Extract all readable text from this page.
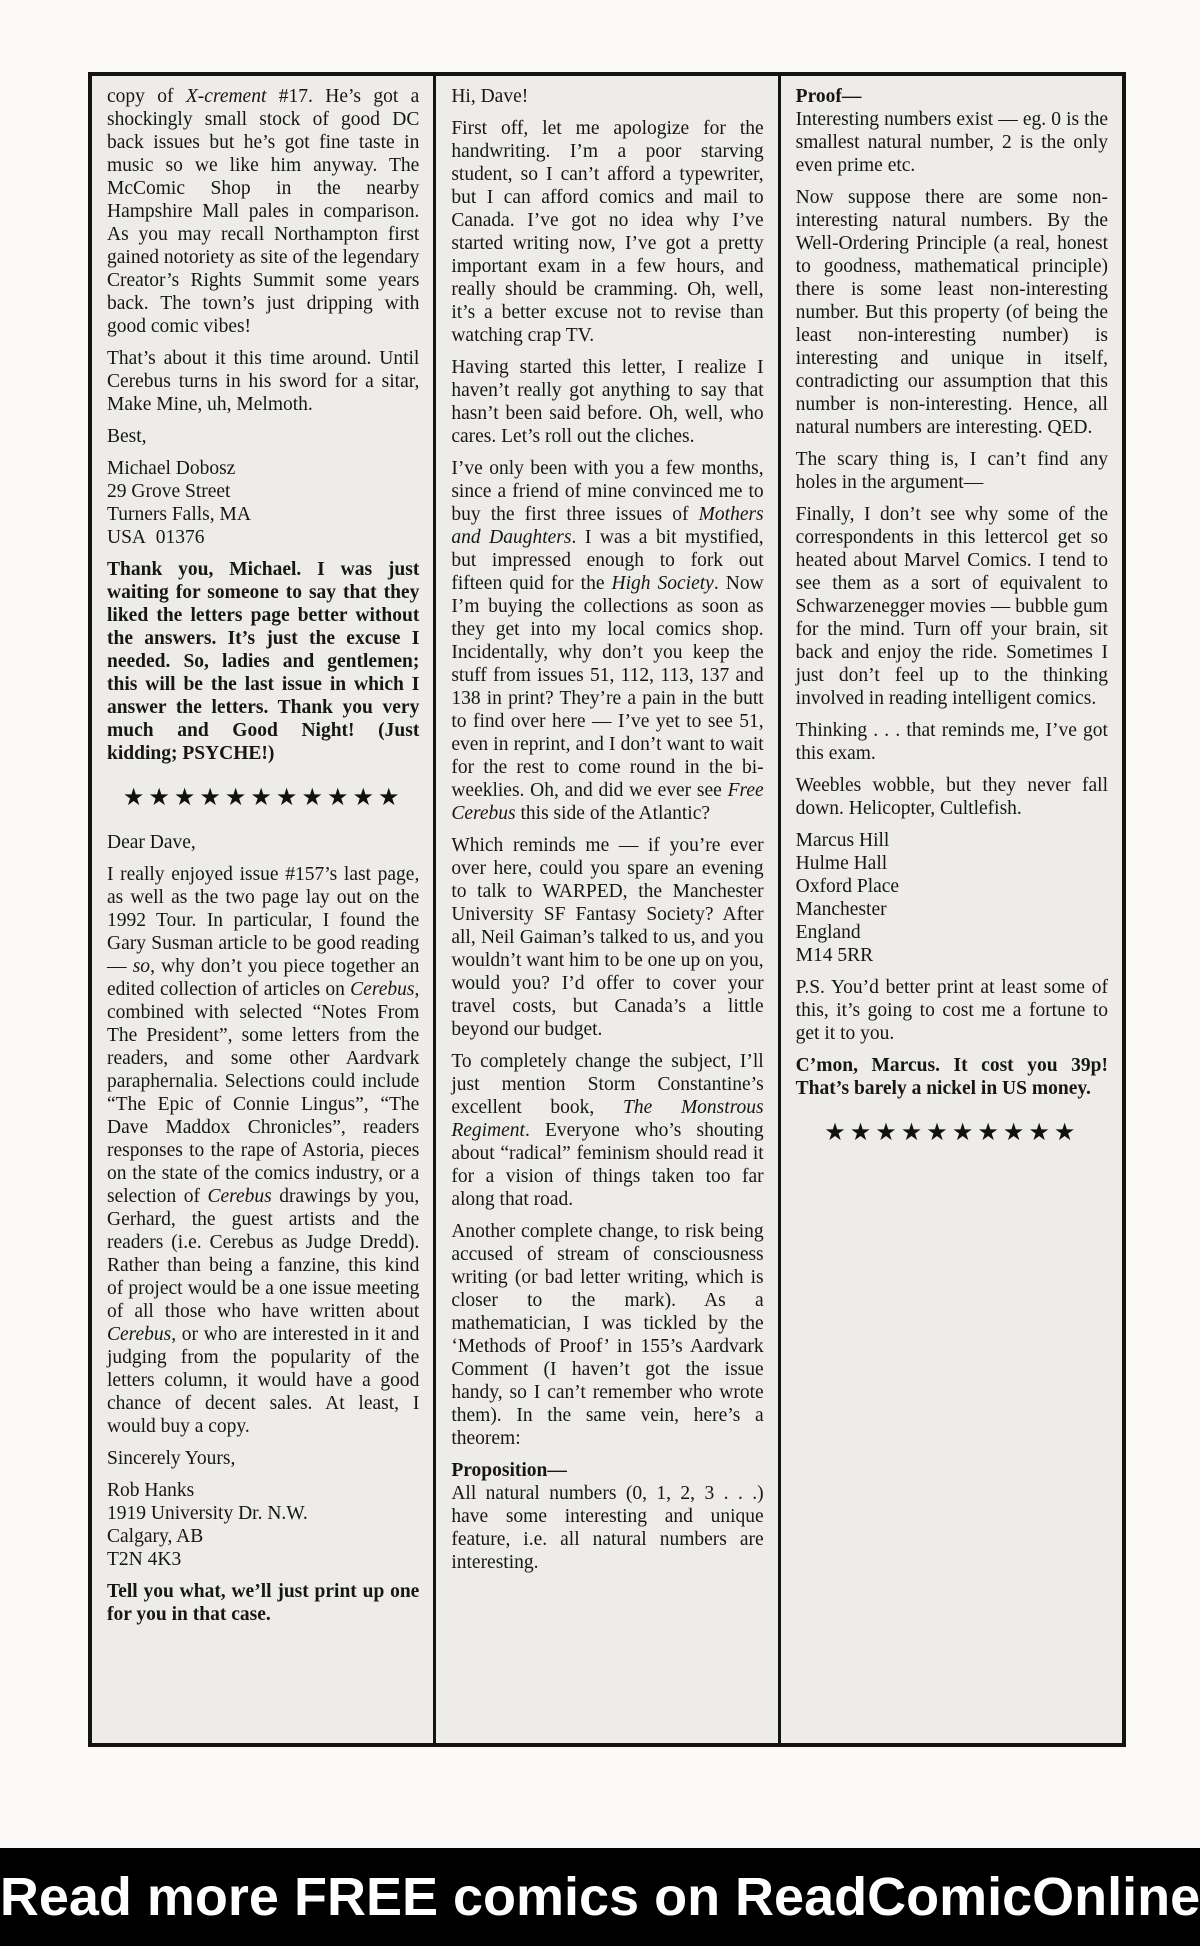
copy of X-crement #17. He’s got a shockingly small stock of good DC back issues but he’s got fine taste in music so we like him anyway. The McComic Shop in the nearby Hampshire Mall pales in comparison. As you may recall Northampton first gained notoriety as site of the legendary Creator’s Rights Summit some years back. The town’s just dripping with good comic vibes!

That’s about it this time around. Until Cerebus turns in his sword for a sitar, Make Mine, uh, Melmoth.

Best,

Michael Dobosz
29 Grove Street
Turners Falls, MA
USA  01376

Thank you, Michael. I was just waiting for someone to say that they liked the letters page better without the answers. It’s just the excuse I needed. So, ladies and gentlemen; this will be the last issue in which I answer the letters. Thank you very much and Good Night! (Just kidding; PSYCHE!)

★★★★★★★★★★★

Dear Dave,

I really enjoyed issue #157’s last page, as well as the two page lay out on the 1992 Tour. In particular, I found the Gary Susman article to be good reading — so, why don’t you piece together an edited collection of articles on Cerebus, combined with selected “Notes From The President”, some letters from the readers, and some other Aardvark paraphernalia. Selections could include “The Epic of Connie Lingus”, “The Dave Maddox Chronicles”, readers responses to the rape of Astoria, pieces on the state of the comics industry, or a selection of Cerebus drawings by you, Gerhard, the guest artists and the readers (i.e. Cerebus as Judge Dredd). Rather than being a fanzine, this kind of project would be a one issue meeting of all those who have written about Cerebus, or who are interested in it and judging from the popularity of the letters column, it would have a good chance of decent sales. At least, I would buy a copy.

Sincerely Yours,

Rob Hanks
1919 University Dr. N.W.
Calgary, AB
T2N 4K3

Tell you what, we’ll just print up one for you in that case.

Hi, Dave!

First off, let me apologize for the handwriting. I’m a poor starving student, so I can’t afford a typewriter, but I can afford comics and mail to Canada. I’ve got no idea why I’ve started writing now, I’ve got a pretty important exam in a few hours, and really should be cramming. Oh, well, it’s a better excuse not to revise than watching crap TV.

Having started this letter, I realize I haven’t really got anything to say that hasn’t been said before. Oh, well, who cares. Let’s roll out the cliches.

I’ve only been with you a few months, since a friend of mine convinced me to buy the first three issues of Mothers and Daughters. I was a bit mystified, but impressed enough to fork out fifteen quid for the High Society. Now I’m buying the collections as soon as they get into my local comics shop. Incidentally, why don’t you keep the stuff from issues 51, 112, 113, 137 and 138 in print? They’re a pain in the butt to find over here — I’ve yet to see 51, even in reprint, and I don’t want to wait for the rest to come round in the bi-weeklies. Oh, and did we ever see Free Cerebus this side of the Atlantic?

Which reminds me — if you’re ever over here, could you spare an evening to talk to WARPED, the Manchester University SF Fantasy Society? After all, Neil Gaiman’s talked to us, and you wouldn’t want him to be one up on you, would you? I’d offer to cover your travel costs, but Canada’s a little beyond our budget.

To completely change the subject, I’ll just mention Storm Constantine’s excellent book, The Monstrous Regiment. Everyone who’s shouting about “radical” feminism should read it for a vision of things taken too far along that road.

Another complete change, to risk being accused of stream of consciousness writing (or bad letter writing, which is closer to the mark). As a mathematician, I was tickled by the ‘Methods of Proof’ in 155’s Aardvark Comment (I haven’t got the issue handy, so I can’t remember who wrote them). In the same vein, here’s a theorem:

Proposition—

All natural numbers (0, 1, 2, 3 . . .) have some interesting and unique feature, i.e. all natural numbers are interesting.

Proof—

Interesting numbers exist — eg. 0 is the smallest natural number, 2 is the only even prime etc.

Now suppose there are some non-interesting natural numbers. By the Well-Ordering Principle (a real, honest to goodness, mathematical principle) there is some least non-interesting number. But this property (of being the least non-interesting number) is interesting and unique in itself, contradicting our assumption that this number is non-interesting. Hence, all natural numbers are interesting. QED.

The scary thing is, I can’t find any holes in the argument—

Finally, I don’t see why some of the correspondents in this lettercol get so heated about Marvel Comics. I tend to see them as a sort of equivalent to Schwarzenegger movies — bubble gum for the mind. Turn off your brain, sit back and enjoy the ride. Sometimes I just don’t feel up to the thinking involved in reading intelligent comics.

Thinking . . . that reminds me, I’ve got this exam.

Weebles wobble, but they never fall down. Helicopter, Cultlefish.

Marcus Hill
Hulme Hall
Oxford Place
Manchester
England
M14 5RR

P.S. You’d better print at least some of this, it’s going to cost me a fortune to get it to you.

C’mon, Marcus. It cost you 39p! That’s barely a nickel in US money.

★★★★★★★★★★
Read more FREE comics on ReadComicOnline
